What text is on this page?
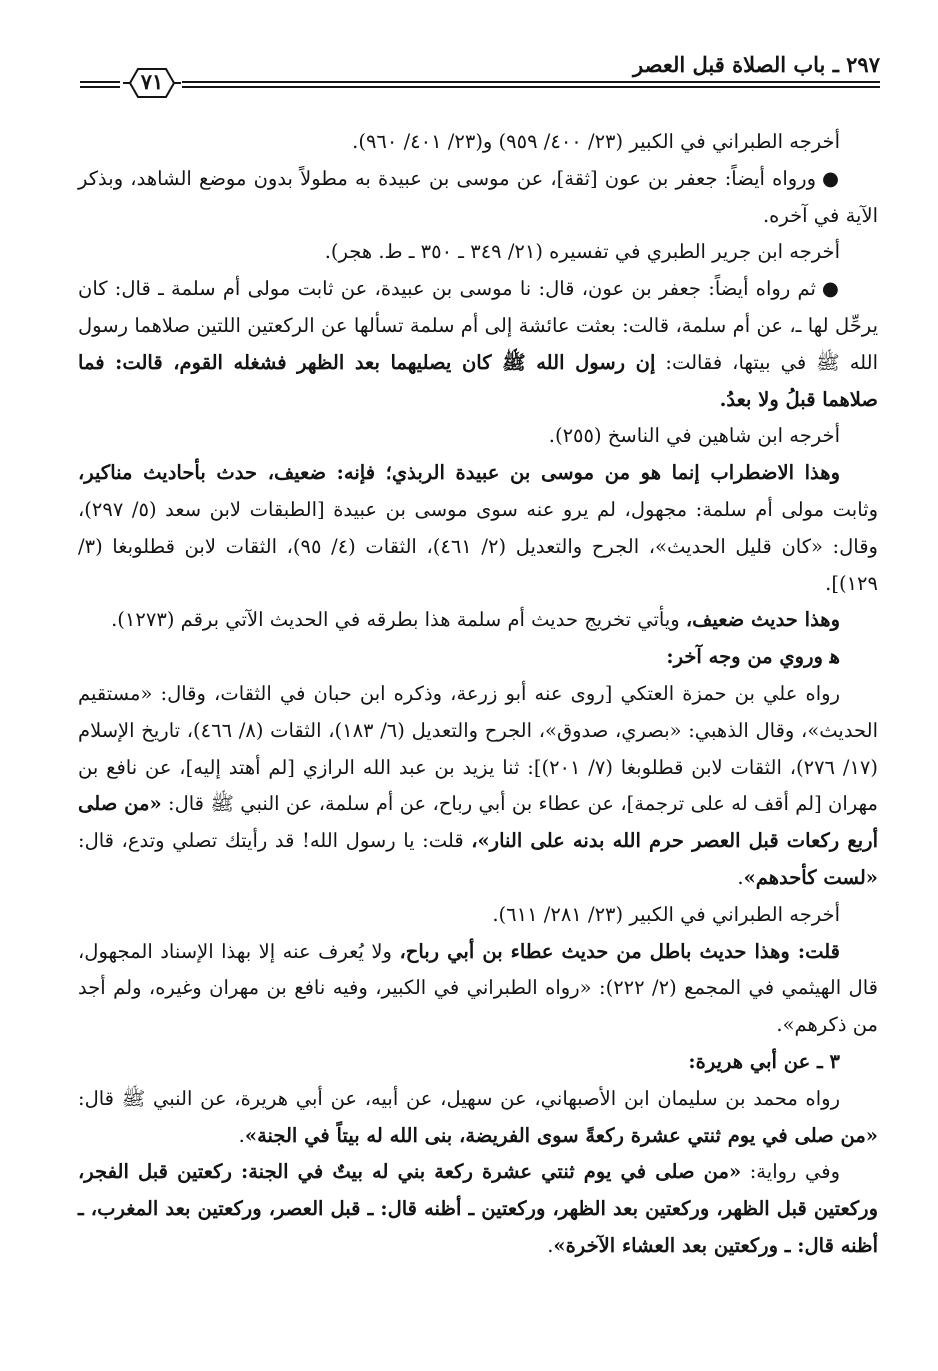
٢٩٧ ـ باب الصلاة قبل العصر
٧١

أخرجه الطبراني في الكبير (٢٣/ ٤٠٠/ ٩٥٩) و(٢٣/ ٤٠١/ ٩٦٠).

●ورواه أيضاً: جعفر بن عون [ثقة]، عن موسى بن عبيدة به مطولاً بدون موضع الشاهد، وبذكر الآية في آخره.

أخرجه ابن جرير الطبري في تفسيره (٢١/ ٣٤٩ ـ ٣٥٠ ـ ط. هجر).

●ثم رواه أيضاً: جعفر بن عون، قال: نا موسى بن عبيدة، عن ثابت مولى أم سلمة ـ قال: كان يرحِّل لها ـ، عن أم سلمة، قالت: بعثت عائشة إلى أم سلمة تسألها عن الركعتين اللتين صلاهما رسول الله ﷺ في بيتها، فقالت: إن رسول الله ﷺ كان يصليهما بعد الظهر فشغله القوم، قالت: فما صلاهما قبلُ ولا بعدُ.

أخرجه ابن شاهين في الناسخ (٢٥٥).

وهذا الاضطراب إنما هو من موسى بن عبيدة الربذي؛ فإنه: ضعيف، حدث بأحاديث مناكير، وثابت مولى أم سلمة: مجهول، لم يرو عنه سوى موسى بن عبيدة [الطبقات لابن سعد (٥/ ٢٩٧)، وقال: «كان قليل الحديث»، الجرح والتعديل (٢/ ٤٦١)، الثقات (٤/ ٩٥)، الثقات لابن قطلوبغا (٣/ ١٢٩)].

وهذا حديث ضعيف، ويأتي تخريج حديث أم سلمة هذا بطرقه في الحديث الآتي برقم (١٢٧٣).

ﻫ وروي من وجه آخر:

رواه علي بن حمزة العتكي [روى عنه أبو زرعة، وذكره ابن حبان في الثقات، وقال: «مستقيم الحديث»، وقال الذهبي: «بصري، صدوق»، الجرح والتعديل (٦/ ١٨٣)، الثقات (٨/ ٤٦٦)، تاريخ الإسلام (١٧/ ٢٧٦)، الثقات لابن قطلوبغا (٧/ ٢٠١)]: ثنا يزيد بن عبد الله الرازي [لم أهتد إليه]، عن نافع بن مهران [لم أقف له على ترجمة]، عن عطاء بن أبي رباح، عن أم سلمة، عن النبي ﷺ قال: «من صلى أربع ركعات قبل العصر حرم الله بدنه على النار»، قلت: يا رسول الله! قد رأيتك تصلي وتدع، قال: «لست كأحدهم».

أخرجه الطبراني في الكبير (٢٣/ ٢٨١/ ٦١١).

قلت: وهذا حديث باطل من حديث عطاء بن أبي رباح، ولا يُعرف عنه إلا بهذا الإسناد المجهول، قال الهيثمي في المجمع (٢/ ٢٢٢): «رواه الطبراني في الكبير، وفيه نافع بن مهران وغيره، ولم أجد من ذكرهم».

٣ ـ عن أبي هريرة:

رواه محمد بن سليمان ابن الأصبهاني، عن سهيل، عن أبيه، عن أبي هريرة، عن النبي ﷺ قال: «من صلى في يوم ثنتي عشرة ركعةً سوى الفريضة، بنى الله له بيتاً في الجنة».

وفي رواية: «من صلى في يوم ثنتي عشرة ركعة بني له بيتٌ في الجنة: ركعتين قبل الفجر، وركعتين قبل الظهر، وركعتين بعد الظهر، وركعتين ـ أظنه قال: ـ قبل العصر، وركعتين بعد المغرب، ـ أظنه قال: ـ وركعتين بعد العشاء الآخرة».
